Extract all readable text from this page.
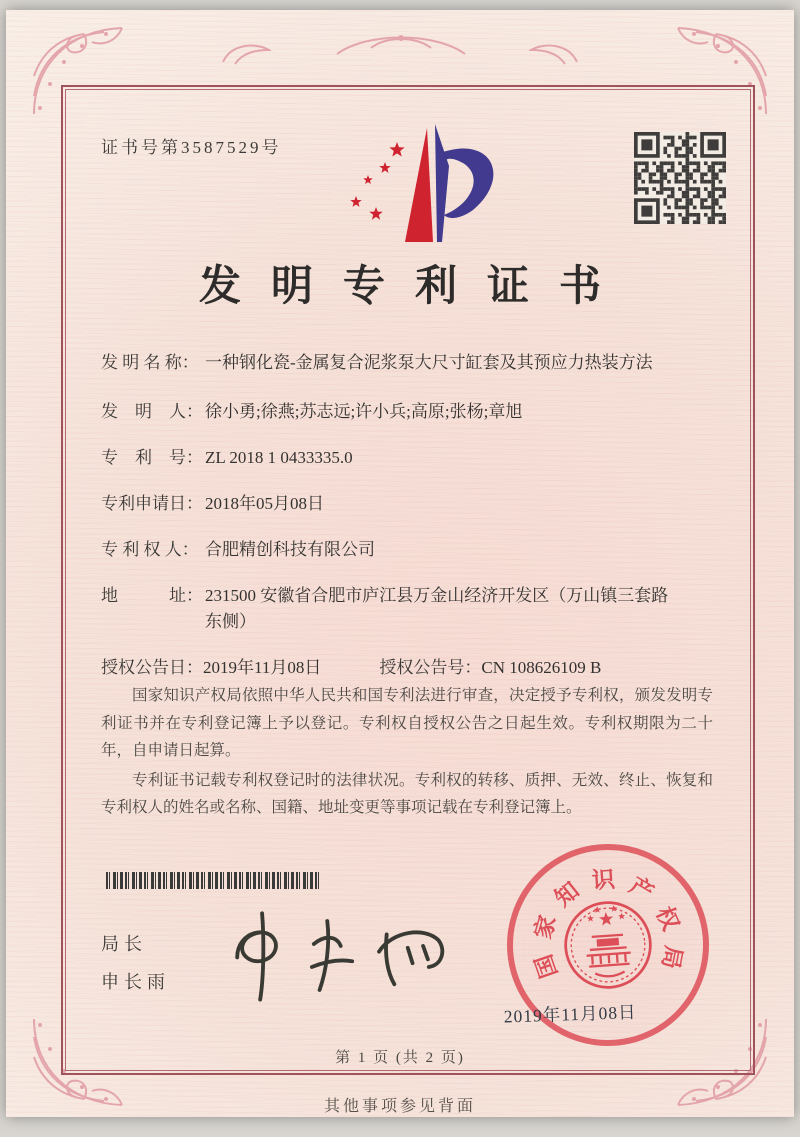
证书号第3587529号
发明专利证书
发 明 名 称： 一种钢化瓷-金属复合泥浆泵大尺寸缸套及其预应力热装方法
发　明　人： 徐小勇;徐燕;苏志远;许小兵;高原;张杨;章旭
专　利　号： ZL 2018 1 0433335.0
专利申请日： 2018年05月08日
专 利 权 人： 合肥精创科技有限公司
地　　　址： 231500 安徽省合肥市庐江县万金山经济开发区（万山镇三套路东侧）
授权公告日： 2019年11月08日	授权公告号： CN 108626109 B

国家知识产权局依照中华人民共和国专利法进行审查，决定授予专利权，颁发发明专利证书并在专利登记簿上予以登记。专利权自授权公告之日起生效。专利权期限为二十年，自申请日起算。

专利证书记载专利权登记时的法律状况。专利权的转移、质押、无效、终止、恢复和专利权人的姓名或名称、国籍、地址变更等事项记载在专利登记簿上。

局长
申长雨
国
家
知 识 产
权
局
2019年11月08日
第 1 页 (共 2 页)
其他事项参见背面
